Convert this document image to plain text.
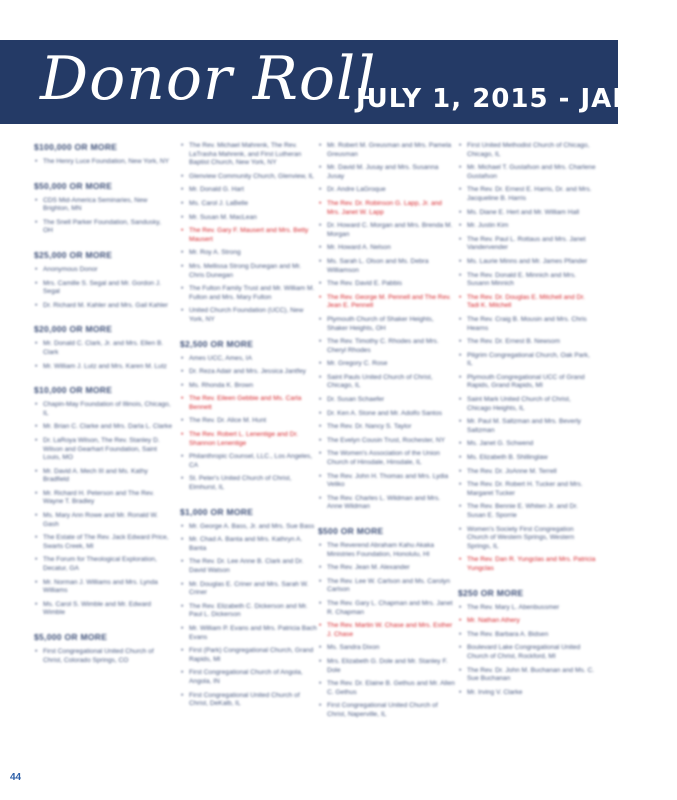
Donor Roll
JULY 1, 2015 - JANUA
$100,000 OR MORE
• The Henry Luce Foundation, New York, NY
$50,000 OR MORE
• CDS Mid-America Seminaries, New Brighton, MN
• The Snell Parker Foundation, Sandusky, OH
$25,000 OR MORE
• Anonymous Donor
• Mrs. Camille S. Segal and Mr. Gordon J. Segal
• Dr. Richard M. Kahler and Mrs. Gail Kahler
$20,000 OR MORE
• Mr. Donald C. Clark, Jr. and Mrs. Ellen B. Clark
• Mr. William J. Lutz and Mrs. Karen M. Lutz
$10,000 OR MORE
• Chapin-May Foundation of Illinois, Chicago, IL
• Mr. Brian C. Clarke and Mrs. Darla L. Clarke
• Dr. LaRoya Wilson, The Rev. Stanley D. Wilson and Gearhart Foundation, Saint Louis, MO
• Mr. David A. Mech III and Ms. Kathy Bradfield
• Mr. Richard H. Peterson and The Rev. Wayne T. Bradley
• Ms. Mary Ann Rowe and Mr. Ronald W. Gash
• The Estate of The Rev. Jack Edward Price, Swarts Creek, MI
• The Forum for Theological Exploration, Decatur, GA
• Mr. Norman J. Williams and Mrs. Lynda Williams
• Ms. Carol S. Wimble and Mr. Edward Wimble
$5,000 OR MORE
• First Congregational United Church of Christ, Colorado Springs, CO
• The Rev. Michael Mahrenk, The Rev. LaTrasha Mahrenk, and First Lutheran Baptist Church, New York, NY
• Glenview Community Church, Glenview, IL
• Mr. Donald G. Hart
• Ms. Carol J. LaBelle
• Mr. Susan M. MacLean
• The Rev. Gary F. Mausert and Mrs. Betty Mausert
• Mr. Roy A. Strong
• Mrs. Mellissa Strong Dunegan and Mr. Chris Dunegan
• The Fulton Family Trust and Mr. William M. Fulton and Mrs. Mary Fulton
• United Church Foundation (UCC), New York, NY
$2,500 OR MORE
• Ames UCC, Ames, IA
• Dr. Reza Adair and Mrs. Jessica Jantfey
• Ms. Rhonda K. Brown
• The Rev. Eileen Gebbie and Ms. Carla Bennett
• The Rev. Dr. Alice M. Hunt
• The Rev. Robert L. Lenentige and Dr. Shannon Lenentige
• Philanthropic Counsel, LLC., Los Angeles, CA
• St. Peter's United Church of Christ, Elmhurst, IL
$1,000 OR MORE
• Mr. George A. Bass, Jr. and Mrs. Sue Bass
• Mr. Chad A. Banta and Mrs. Kathryn A. Banta
• The Rev. Dr. Lee Anne B. Clark and Dr. David Watson
• Mr. Douglas E. Criner and Mrs. Sarah W. Criner
• The Rev. Elizabeth C. Dickerson and Mr. Paul L. Dickerson
• Mr. William P. Evans and Mrs. Patricia Bach Evans
• First (Park) Congregational Church, Grand Rapids, MI
• First Congregational Church of Angola, Angola, IN
• First Congregational United Church of Christ, DeKalb, IL
• Mr. Robert M. Greusman and Mrs. Pamela Greusman
• Mr. David M. Jusay and Mrs. Susanna Jusay
• Dr. Andre LaGroque
• The Rev. Dr. Robinson G. Lapp, Jr. and Mrs. Janet W. Lapp
• Dr. Howard C. Morgan and Mrs. Brenda M. Morgan
• Mr. Howard A. Nelson
• Ms. Sarah L. Olson and Ms. Debra Williamson
• The Rev. David E. Pabbis
• The Rev. George M. Pennell and The Rev. Jean E. Pennell
• Plymouth Church of Shaker Heights, Shaker Heights, OH
• The Rev. Timothy C. Rhodes and Mrs. Cheryl Rhodes
• Mr. Gregory C. Rose
• Saint Pauls United Church of Christ, Chicago, IL
• Dr. Susan Schaefer
• Dr. Ken A. Stone and Mr. Adolfo Santos
• The Rev. Dr. Nancy S. Taylor
• The Evelyn Cousin Trust, Rochester, NY
• The Women's Association of the Union Church of Hinsdale, Hinsdale, IL
• The Rev. John H. Thomas and Mrs. Lydia Veliko
• The Rev. Charles L. Wildman and Mrs. Anne Wildman
$500 OR MORE
• The Reverend Abraham Kahu Akaka Ministries Foundation, Honolulu, HI
• The Rev. Jean M. Alexander
• The Rev. Lee W. Carlson and Ms. Carolyn Carlson
• The Rev. Gary L. Chapman and Mrs. Janet R. Chapman
• The Rev. Martin W. Chase and Mrs. Esther J. Chase
• Ms. Sandra Dixon
• Mrs. Elizabeth G. Dole and Mr. Stanley F. Dole
• The Rev. Dr. Elaine B. Gethus and Mr. Allen C. Gethus
• First Congregational United Church of Christ, Naperville, IL
• First United Methodist Church of Chicago, Chicago, IL
• Mr. Michael T. Gustafson and Mrs. Charlene Gustafson
• The Rev. Dr. Ernest E. Harris, Dr. and Mrs. Jacqueline B. Harris
• Ms. Diane E. Hert and Mr. William Hall
• Mr. Justin Kim
• The Rev. Paul L. Rottaus and Mrs. Janet Vandervender
• Ms. Laurie Minns and Mr. James Pfander
• The Rev. Donald E. Minnich and Mrs. Susann Minnich
• The Rev. Dr. Douglas E. Mitchell and Dr. Tadi K. Mitchell
• The Rev. Craig B. Mousin and Mrs. Chris Hearns
• The Rev. Dr. Ernest B. Newsom
• Pilgrim Congregational Church, Oak Park, IL
• Plymouth Congregational UCC of Grand Rapids, Grand Rapids, MI
• Saint Mark United Church of Christ, Chicago Heights, IL
• Mr. Paul M. Saltzman and Mrs. Beverly Saltzman
• Ms. Janet G. Schwend
• Ms. Elizabeth B. Shillinglaw
• The Rev. Dr. JoAnne M. Terrell
• The Rev. Dr. Robert H. Tucker and Mrs. Margaret Tucker
• The Rev. Bennie E. Whiten Jr. and Dr. Susan E. Sporrie
• Women's Society First Congregation Church of Western Springs, Western Springs, IL
• The Rev. Dan R. Yungclas and Mrs. Patricia Yungclas
$250 OR MORE
• The Rev. Mary L. Abenbussmer
• Mr. Nathan Athery
• The Rev. Barbara A. Bidsen
• Boulevard Lake Congregational United Church of Christ, Rockford, MI
• The Rev. Dr. John M. Buchanan and Ms. C. Sue Buchanan
• Mr. Irving V. Clarke
44
